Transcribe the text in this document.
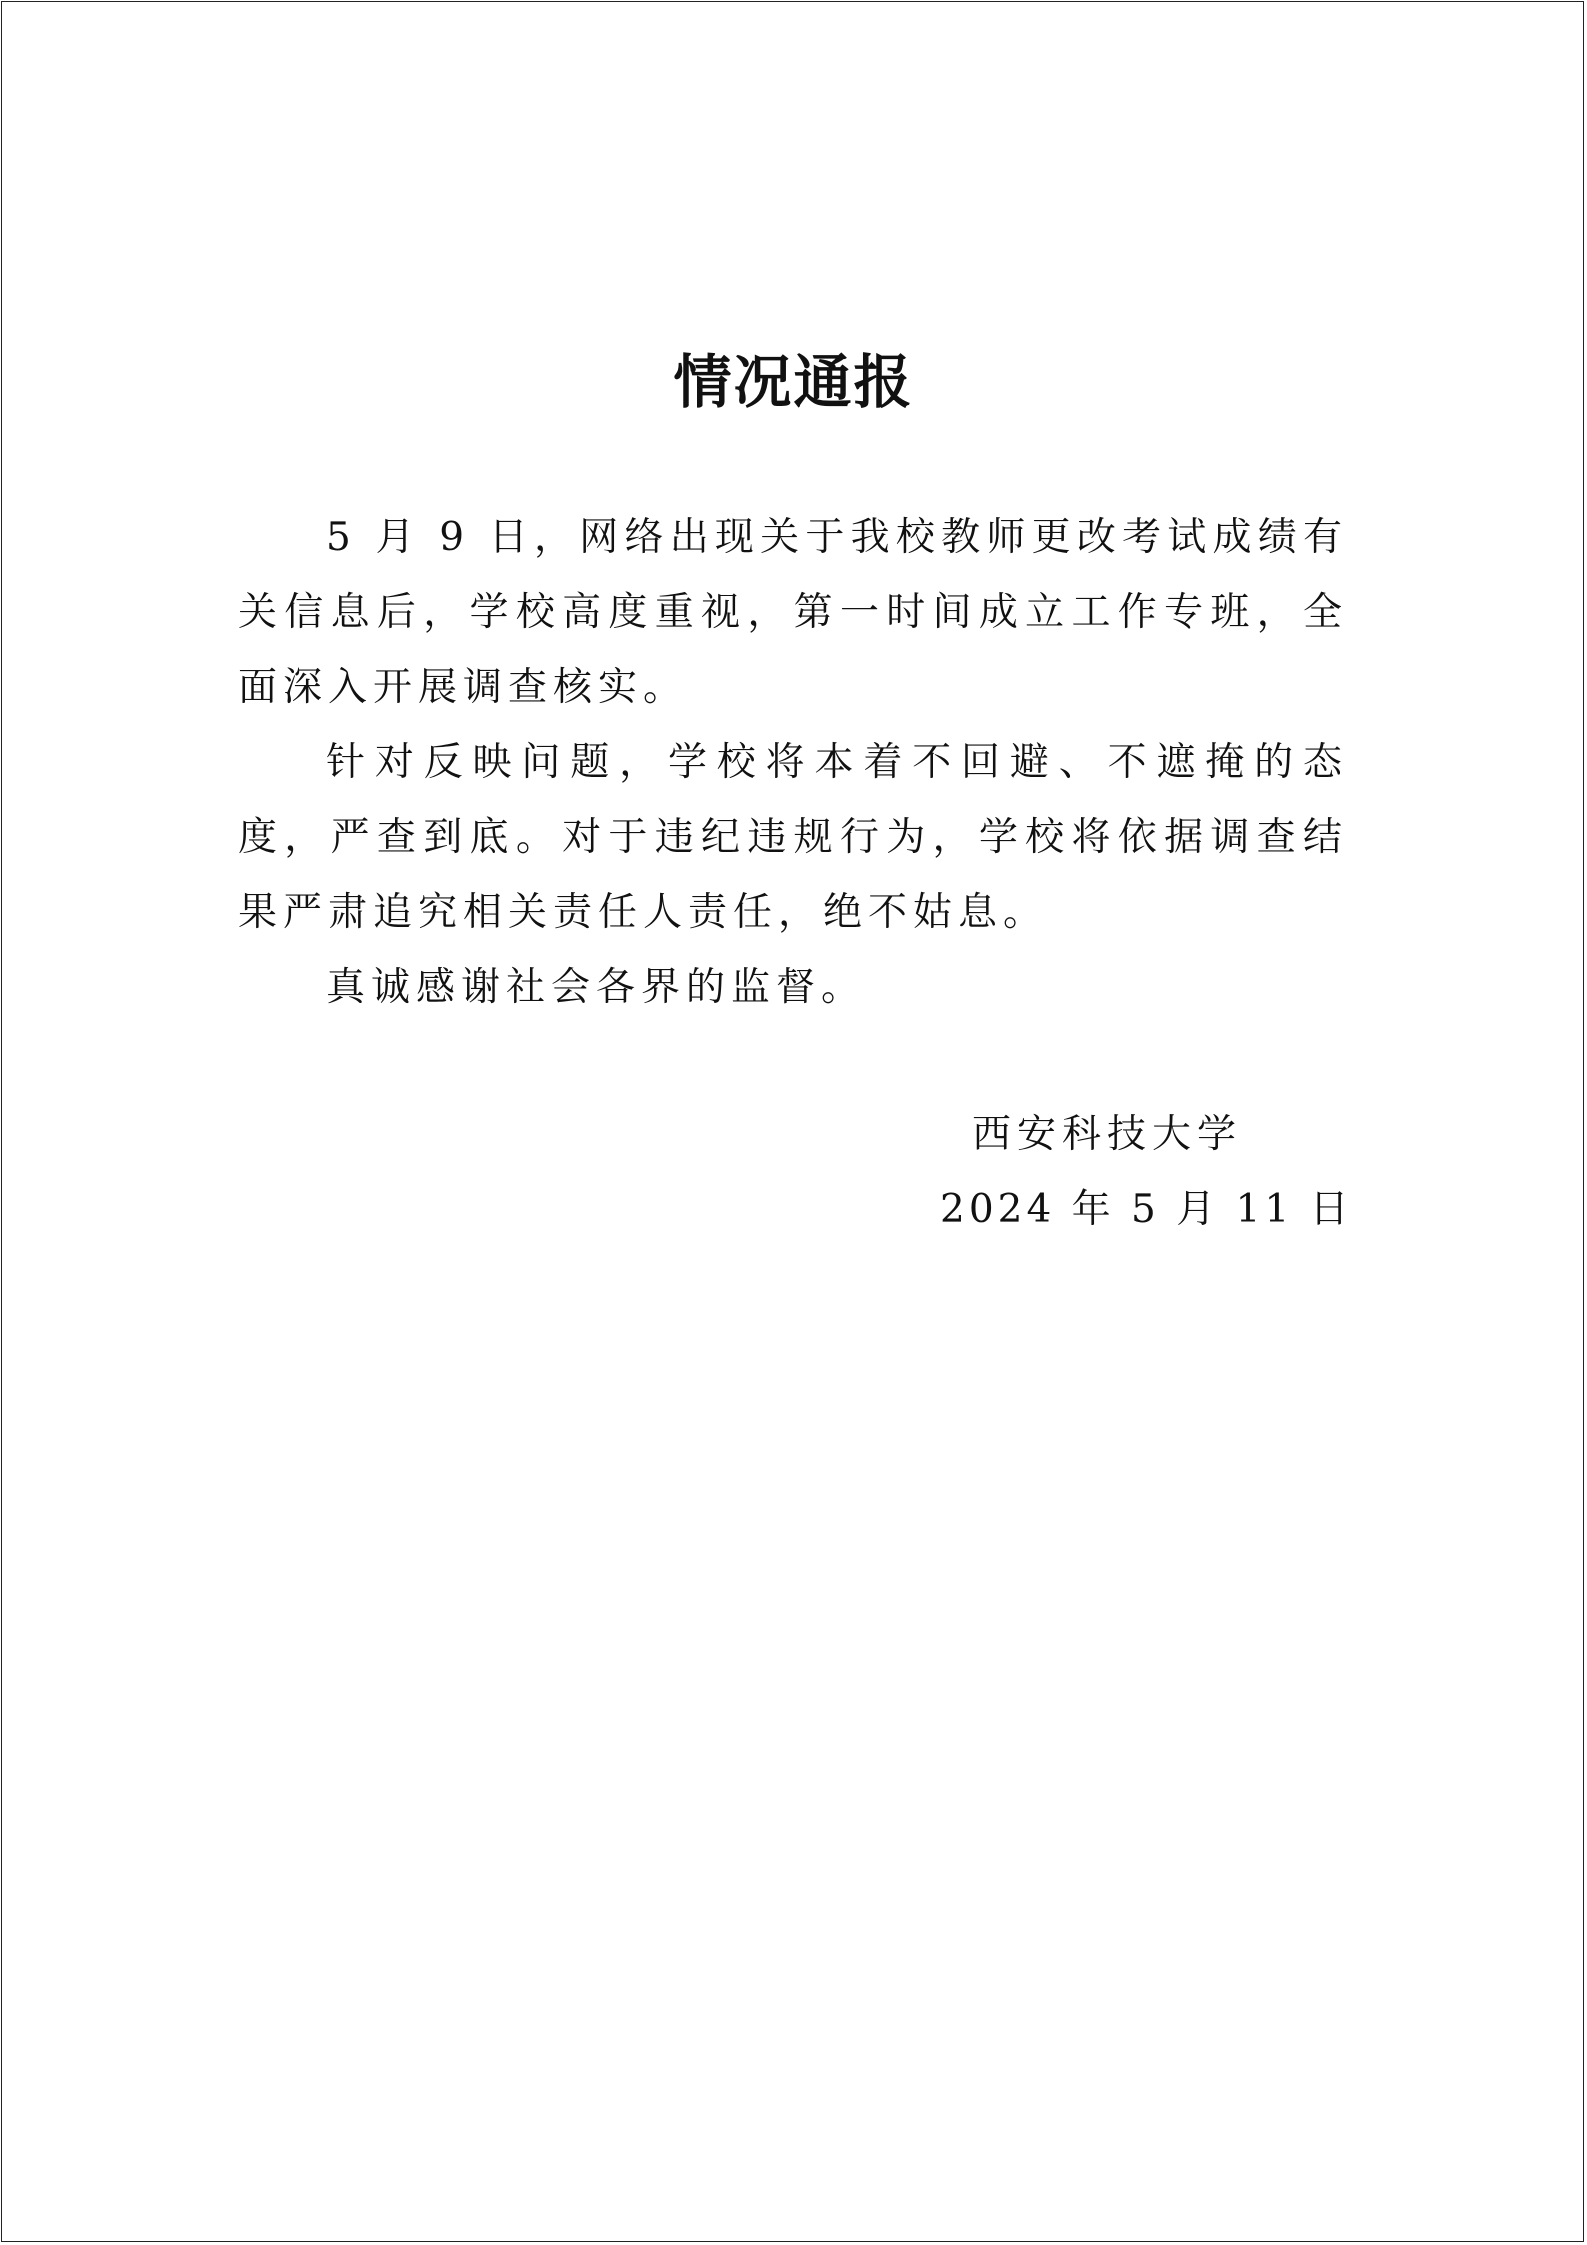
情况通报

5 月 9 日，网络出现关于我校教师更改考试成绩有关信息后，学校高度重视，第一时间成立工作专班，全面深入开展调查核实。

针对反映问题，学校将本着不回避、不遮掩的态度，严查到底。对于违纪违规行为，学校将依据调查结果严肃追究相关责任人责任，绝不姑息。

真诚感谢社会各界的监督。

西安科技大学
2024 年 5 月 11 日
